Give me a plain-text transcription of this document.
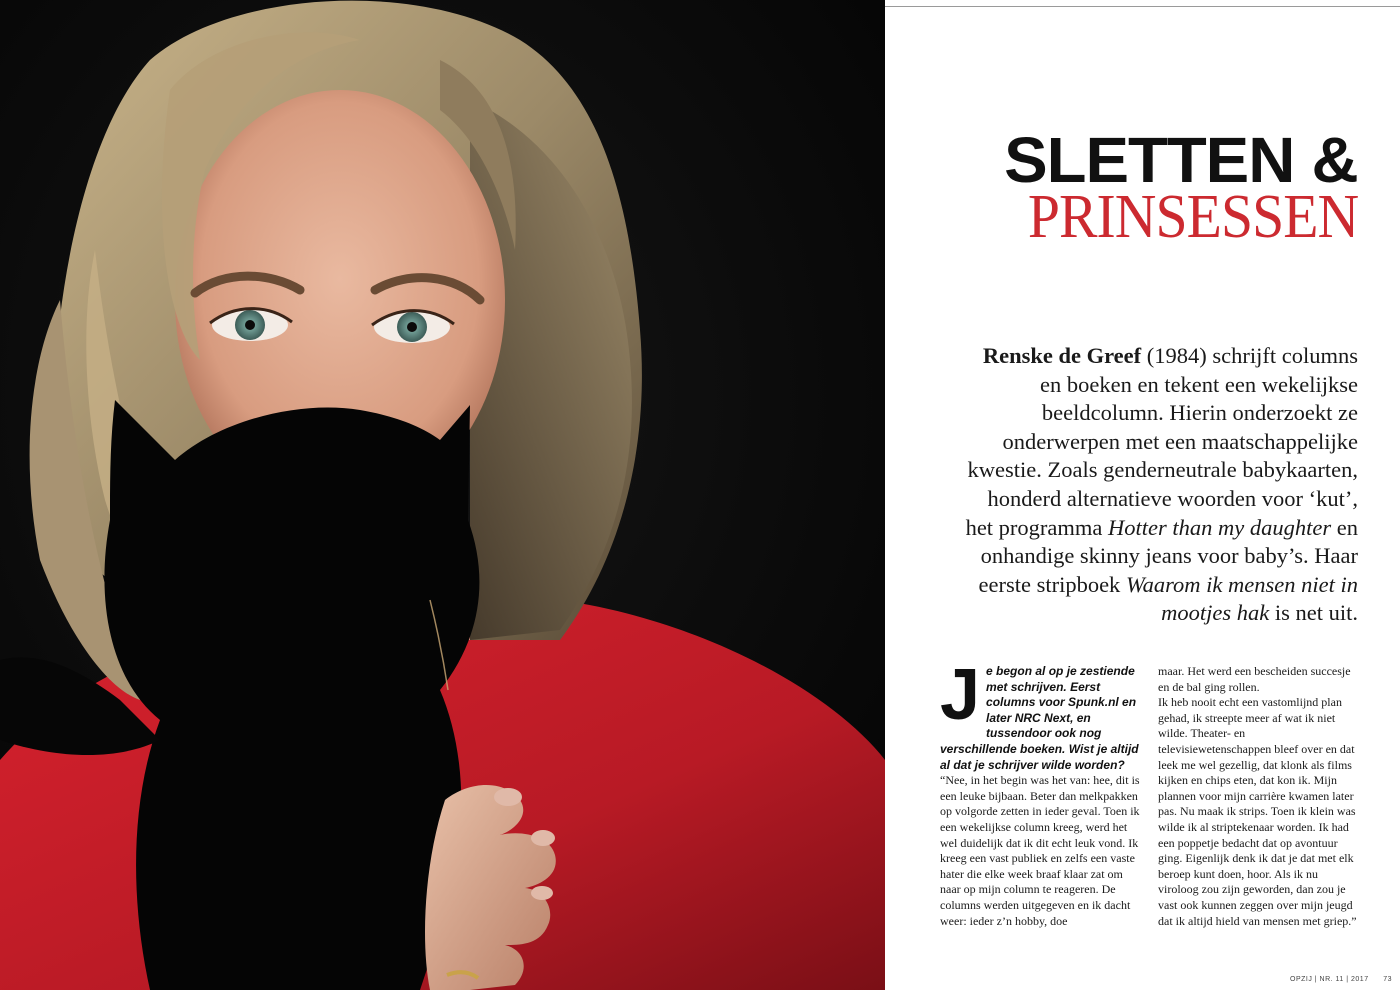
SLETTEN &
PRINSESSEN

Renske de Greef (1984) schrijft columns en boeken en tekent een wekelijkse beeldcolumn. Hierin onderzoekt ze onderwerpen met een maatschappelijke kwestie. Zoals genderneutrale babykaarten, honderd alternatieve woorden voor ‘kut’, het programma Hotter than my daughter en onhandige skinny jeans voor baby’s. Haar eerste stripboek Waarom ik mensen niet in mootjes hak is net uit.

J e begon al op je zestiende met schrijven. Eerst columns voor Spunk.nl en later NRC Next, en tussendoor ook nog verschillende boeken. Wist je altijd al dat je schrijver wilde worden?

“Nee, in het begin was het van: hee, dit is een leuke bijbaan. Beter dan melkpakken op volgorde zetten in ieder geval. Toen ik een wekelijkse column kreeg, werd het wel duidelijk dat ik dit echt leuk vond. Ik kreeg een vast publiek en zelfs een vaste hater die elke week braaf klaar zat om naar op mijn column te reageren. De columns werden uitgegeven en ik dacht weer: ieder z’n hobby, doe

maar. Het werd een bescheiden succesje en de bal ging rollen.

Ik heb nooit echt een vastomlijnd plan gehad, ik streepte meer af wat ik niet wilde. Theater- en televisiewetenschappen bleef over en dat leek me wel gezellig, dat klonk als films kijken en chips eten, dat kon ik. Mijn plannen voor mijn carrière kwamen later pas. Nu maak ik strips. Toen ik klein was wilde ik al striptekenaar worden. Ik had een poppetje bedacht dat op avontuur ging. Eigenlijk denk ik dat je dat met elk beroep kunt doen, hoor. Als ik nu viroloog zou zijn geworden, dan zou je vast ook kunnen zeggen over mijn jeugd dat ik altijd hield van mensen met griep.”

OPZIJ | NR. 11 | 2017 73
